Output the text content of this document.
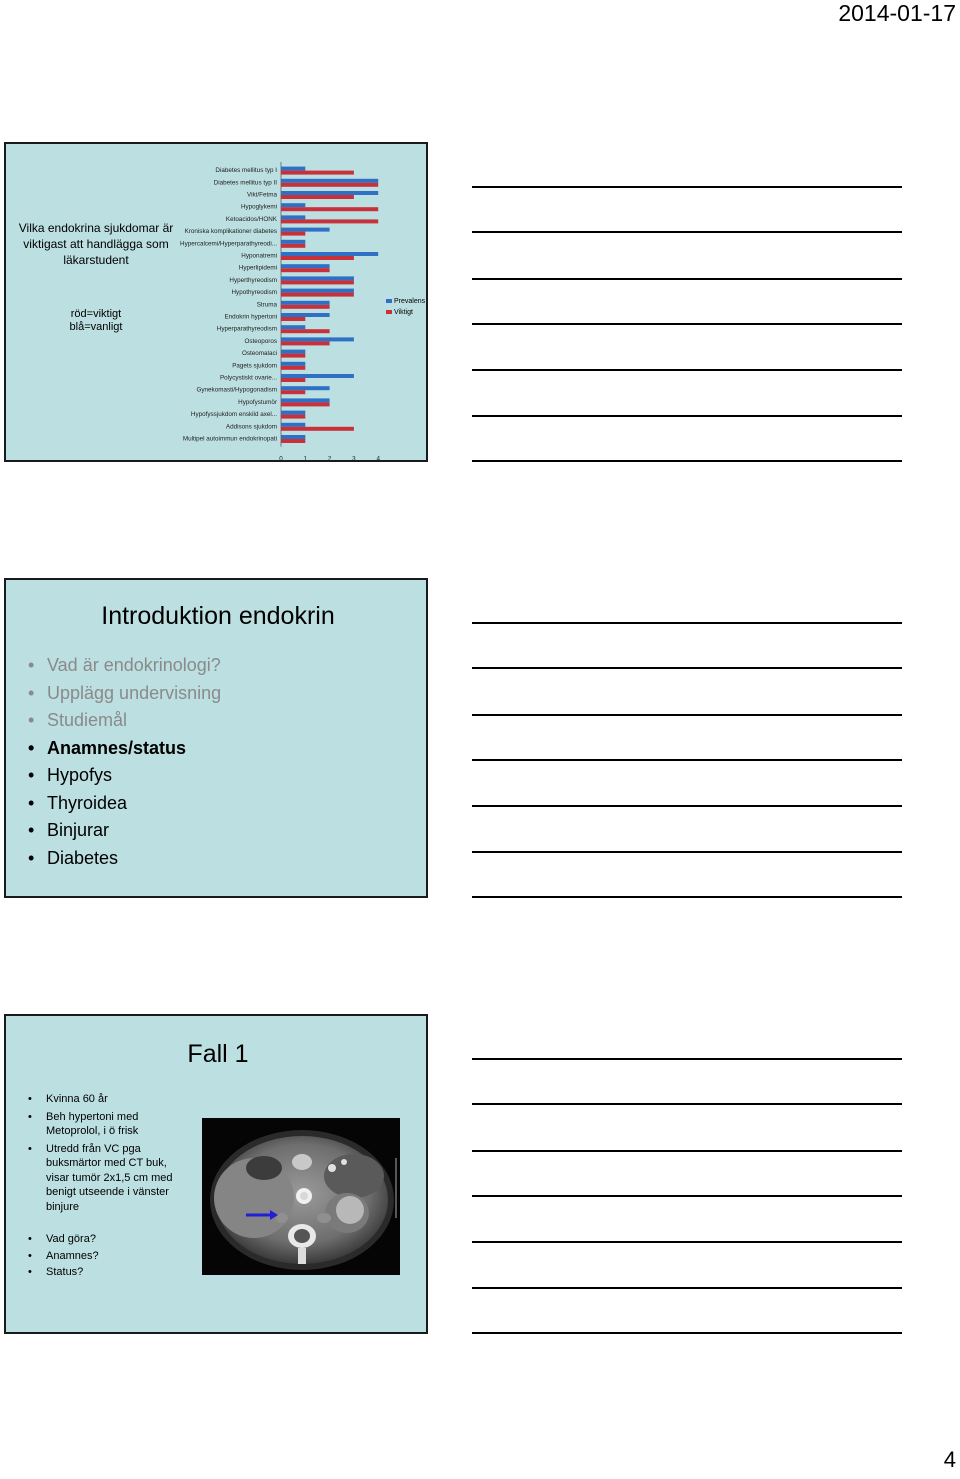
2014-01-17
Vilka endokrina sjukdomar är viktigast att handlägga som läkarstudent
röd=viktigt
blå=vanligt
Diabetes mellitus typ I
Diabetes mellitus typ II
Vikt/Fetma
Hypoglykemi
Ketoacidos/HONK
Kroniska komplikationer diabetes
Hypercalcemi/Hyperparathyreodi...
Hyponatremi
Hyperlipidemi
Hyperthyreodism
Hypothyreodism
Struma
Endokrin hypertoni
Hyperparathyreodism
Osteoporos
Osteomalaci
Pagets sjukdom
Polycystiskt ovarie...
Gynekomasti/Hypogonadism
Hypofystumör
Hypofyssjukdom enskild axel...
Addisons sjukdom
Multipel autoimmun endokrinopati
0	1	2	3	4
Prevalens
Viktigt
Introduktion endokrin
• Vad är endokrinologi?
• Upplägg undervisning
• Studiemål
• Anamnes/status
• Hypofys
• Thyroidea
• Binjurar
• Diabetes
Fall 1
• Kvinna 60 år
• Beh hypertoni med Metoprolol, i ö frisk
• Utredd från VC pga buksmärtor med CT buk, visar tumör 2x1,5 cm med benigt utseende i vänster binjure
• Vad göra?
• Anamnes?
• Status?
4
